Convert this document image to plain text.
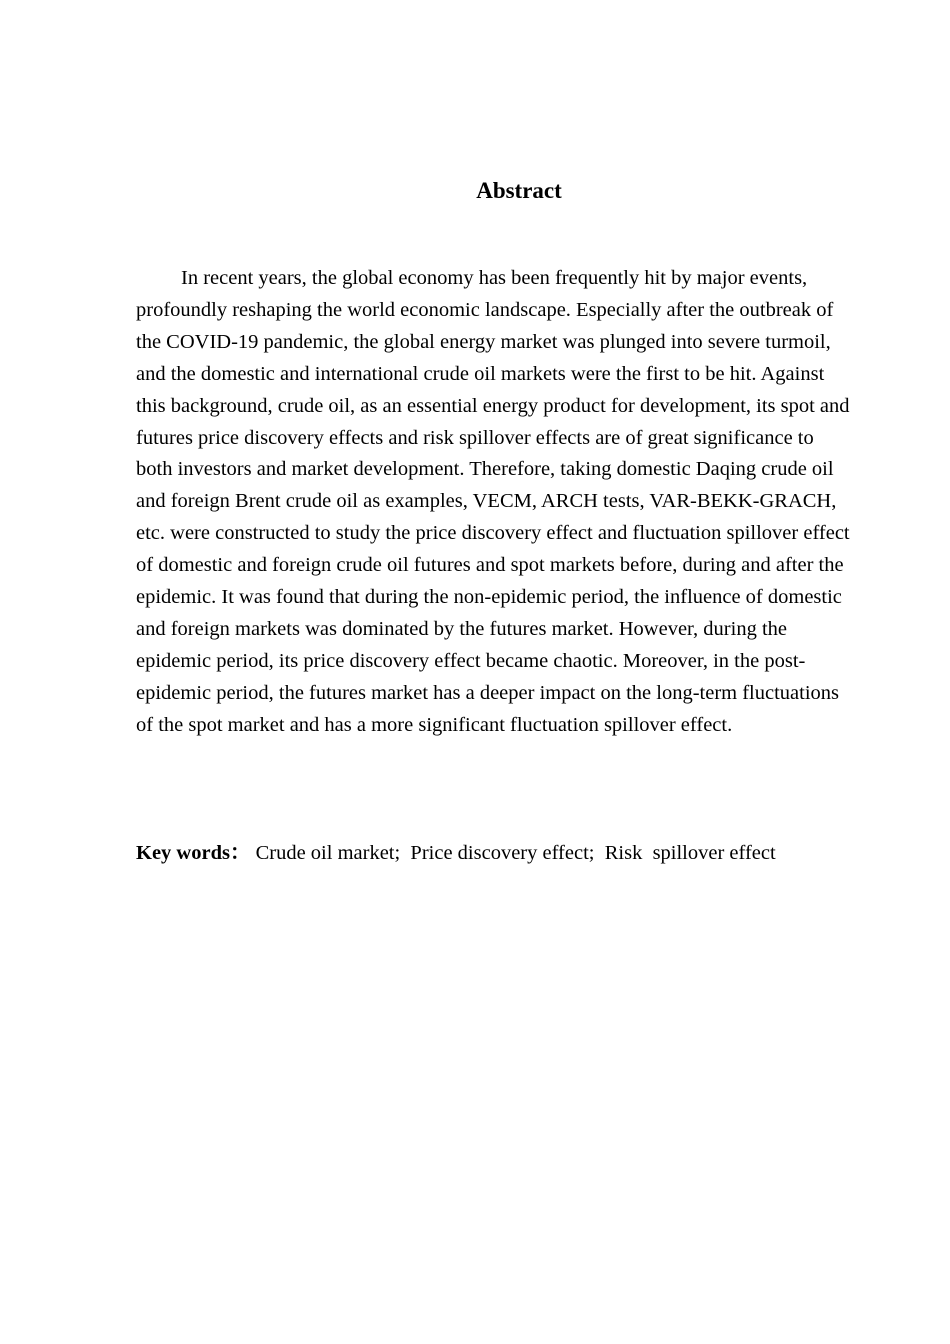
Abstract

In recent years, the global economy has been frequently hit by major events, profoundly reshaping the world economic landscape. Especially after the outbreak of the COVID-19 pandemic, the global energy market was plunged into severe turmoil, and the domestic and international crude oil markets were the first to be hit. Against this background, crude oil, as an essential energy product for development, its spot and futures price discovery effects and risk spillover effects are of great significance to both investors and market development. Therefore, taking domestic Daqing crude oil and foreign Brent crude oil as examples, VECM, ARCH tests, VAR-BEKK-GRACH, etc. were constructed to study the price discovery effect and fluctuation spillover effect of domestic and foreign crude oil futures and spot markets before, during and after the epidemic. It was found that during the non-epidemic period, the influence of domestic and foreign markets was dominated by the futures market. However, during the epidemic period, its price discovery effect became chaotic. Moreover, in the post-epidemic period, the futures market has a deeper impact on the long-term fluctuations of the spot market and has a more significant fluctuation spillover effect.

Key words： Crude oil market;  Price discovery effect;  Risk  spillover effect
